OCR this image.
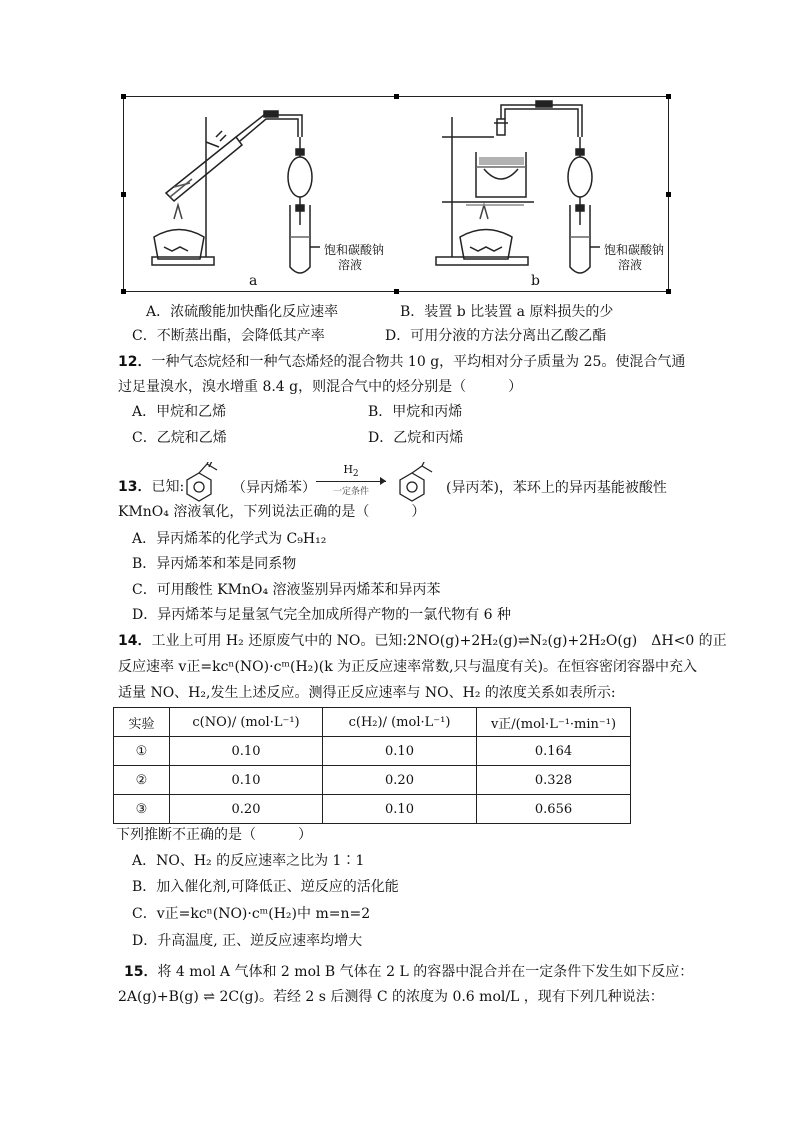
饱和碳酸钠
溶液
饱和碳酸钠
溶液
a	b
A．浓硫酸能加快酯化反应速率	B．装置 b 比装置 a 原料损失的少
C．不断蒸出酯，会降低其产率	D．可用分液的方法分离出乙酸乙酯
12．一种气态烷烃和一种气态烯烃的混合物共 10 g，平均相对分子质量为 25。使混合气通
过足量溴水，溴水增重 8.4 g，则混合气中的烃分别是（　　　）
A．甲烷和乙烯	B．甲烷和丙烯
C．乙烷和乙烯	D．乙烷和丙烯
13．已知:	（异丙烯苯）
$H_2$
一定条件	(异丙苯)，苯环上的异丙基能被酸性
KMnO₄ 溶液氧化，下列说法正确的是（　　　）
A．异丙烯苯的化学式为 C₉H₁₂
B．异丙烯苯和苯是同系物
C．可用酸性 KMnO₄ 溶液鉴别异丙烯苯和异丙苯
D．异丙烯苯与足量氢气完全加成所得产物的一氯代物有 6 种
14．工业上可用 H₂ 还原废气中的 NO。已知:2NO(g)+2H₂(g)⇌N₂(g)+2H₂O(g)　ΔH<0 的正
反应速率 v正=kcⁿ(NO)·cᵐ(H₂)(k 为正反应速率常数,只与温度有关)。在恒容密闭容器中充入
适量 NO、H₂,发生上述反应。测得正反应速率与 NO、H₂ 的浓度关系如表所示:
实验	c(NO)/ (mol·L⁻¹)	c(H₂)/ (mol·L⁻¹)	v正/(mol·L⁻¹·min⁻¹)
①	0.10	0.10	0.164
②	0.10	0.20	0.328
③	0.20	0.10	0.656
下列推断不正确的是（　　　）
A．NO、H₂ 的反应速率之比为 1∶1
B．加入催化剂,可降低正、逆反应的活化能
C．v正=kcⁿ(NO)·cᵐ(H₂)中 m=n=2
D．升高温度, 正、逆反应速率均增大
15．将 4 mol A 气体和 2 mol B 气体在 2 L 的容器中混合并在一定条件下发生如下反应：
2A(g)+B(g) ⇌ 2C(g)。若经 2 s 后测得 C 的浓度为 0.6 mol/L ，现有下列几种说法：
